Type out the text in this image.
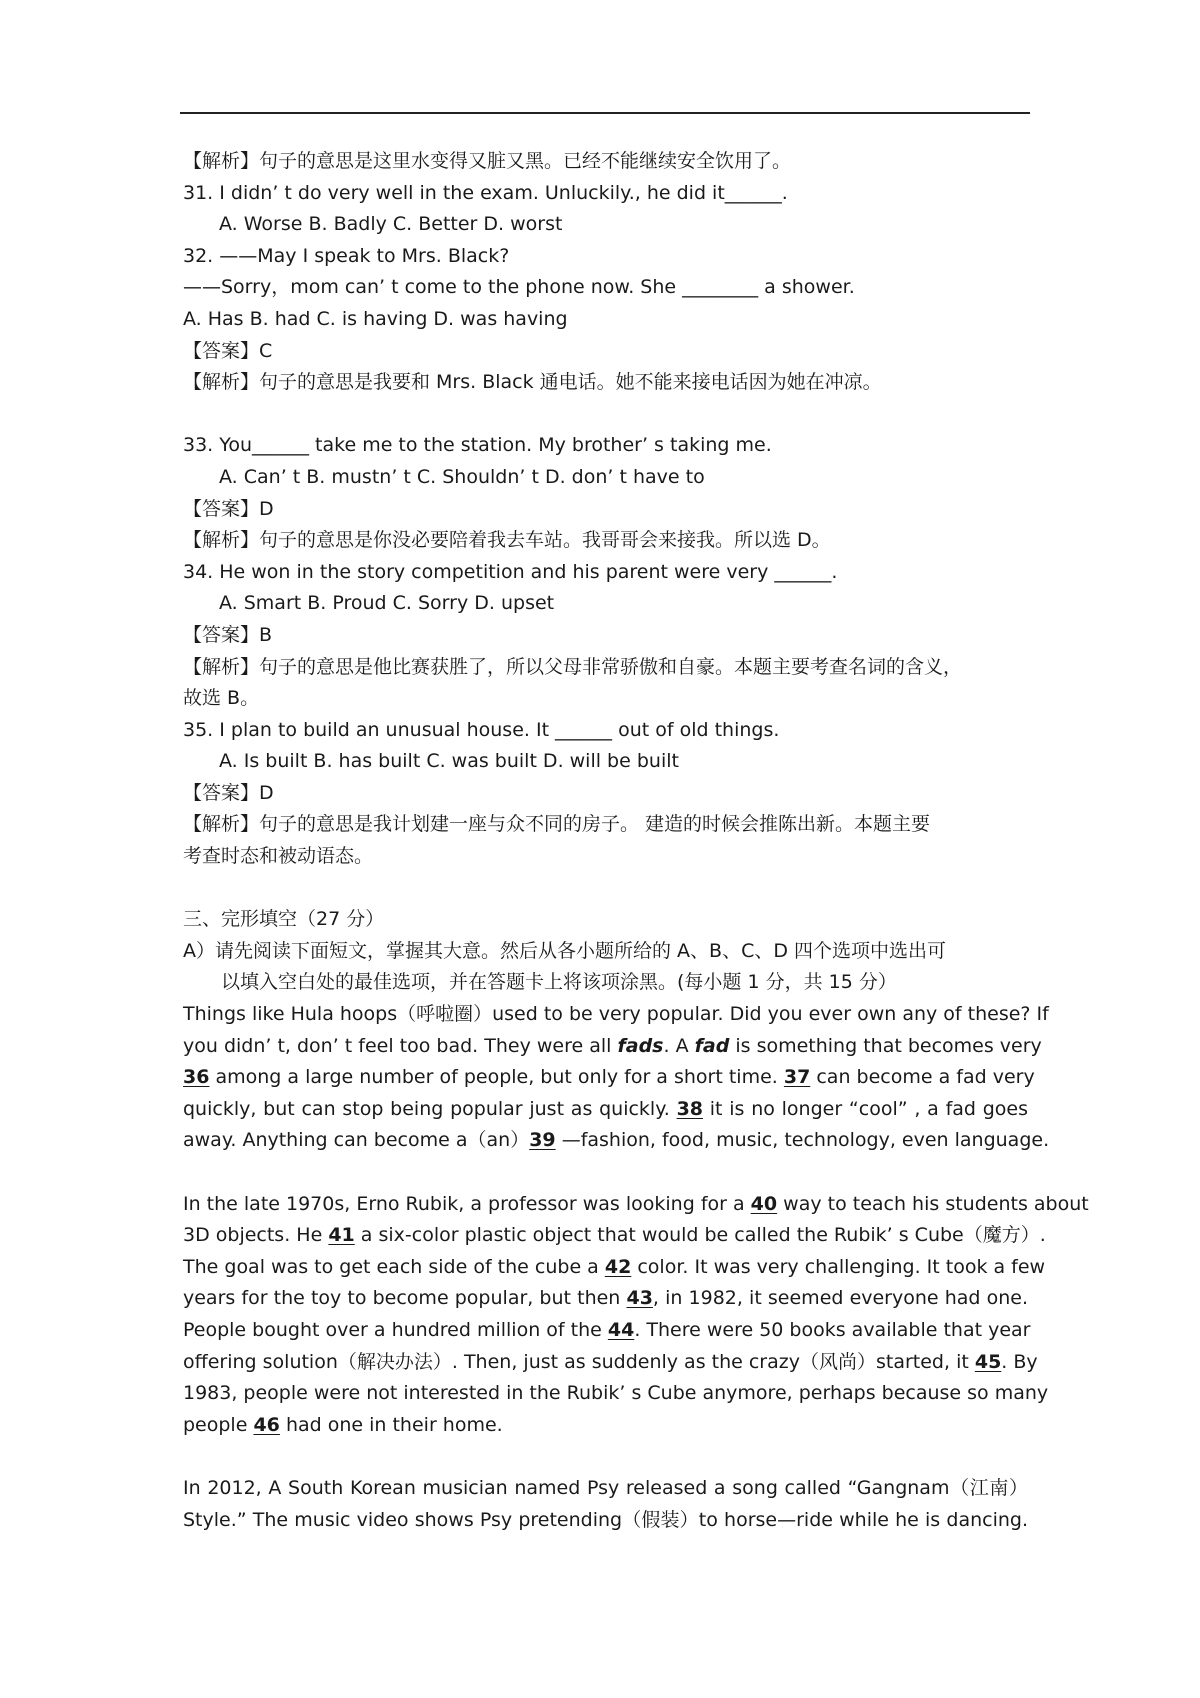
【解析】句子的意思是这里水变得又脏又黑。已经不能继续安全饮用了。
31. I didn’ t do very well in the exam. Unluckily., he did it______.
A. Worse B. Badly C. Better D. worst
32. ——May I speak to Mrs. Black?
——Sorry，mom can’ t come to the phone now. She ________ a shower.
A. Has B. had C. is having D. was having
【答案】C
【解析】句子的意思是我要和 Mrs. Black 通电话。她不能来接电话因为她在冲凉。
33. You______ take me to the station. My brother’ s taking me.
A. Can’ t B. mustn’ t C. Shouldn’ t D. don’ t have to
【答案】D
【解析】句子的意思是你没必要陪着我去车站。我哥哥会来接我。所以选 D。
34. He won in the story competition and his parent were very ______.
A. Smart B. Proud C. Sorry D. upset
【答案】B
【解析】句子的意思是他比赛获胜了，所以父母非常骄傲和自豪。本题主要考查名词的含义，
故选 B。
35. I plan to build an unusual house. It ______ out of old things.
A. Is built B. has built C. was built D. will be built
【答案】D
【解析】句子的意思是我计划建一座与众不同的房子。 建造的时候会推陈出新。本题主要
考查时态和被动语态。
三、完形填空（27 分）
A）请先阅读下面短文，掌握其大意。然后从各小题所给的 A、B、C、D 四个选项中选出可
以填入空白处的最佳选项，并在答题卡上将该项涂黑。(每小题 1 分，共 15 分）
Things like Hula hoops（呼啦圈）used to be very popular. Did you ever own any of these? If
you didn’ t, don’ t feel too bad. They were all fads. A fad is something that becomes very
36 among a large number of people, but only for a short time. 37 can become a fad very
quickly, but can stop being popular just as quickly. 38 it is no longer “cool” , a fad goes
away. Anything can become a（an）39 —fashion, food, music, technology, even language.
In the late 1970s, Erno Rubik, a professor was looking for a 40 way to teach his students about
3D objects. He 41 a six-color plastic object that would be called the Rubik’ s Cube（魔方）.
The goal was to get each side of the cube a 42 color. It was very challenging. It took a few
years for the toy to become popular, but then 43, in 1982, it seemed everyone had one.
People bought over a hundred million of the 44. There were 50 books available that year
offering solution（解决办法）. Then, just as suddenly as the crazy（风尚）started, it 45. By
1983, people were not interested in the Rubik’ s Cube anymore, perhaps because so many
people 46 had one in their home.
In 2012, A South Korean musician named Psy released a song called “Gangnam（江南）
Style.” The music video shows Psy pretending（假装）to horse—ride while he is dancing.
